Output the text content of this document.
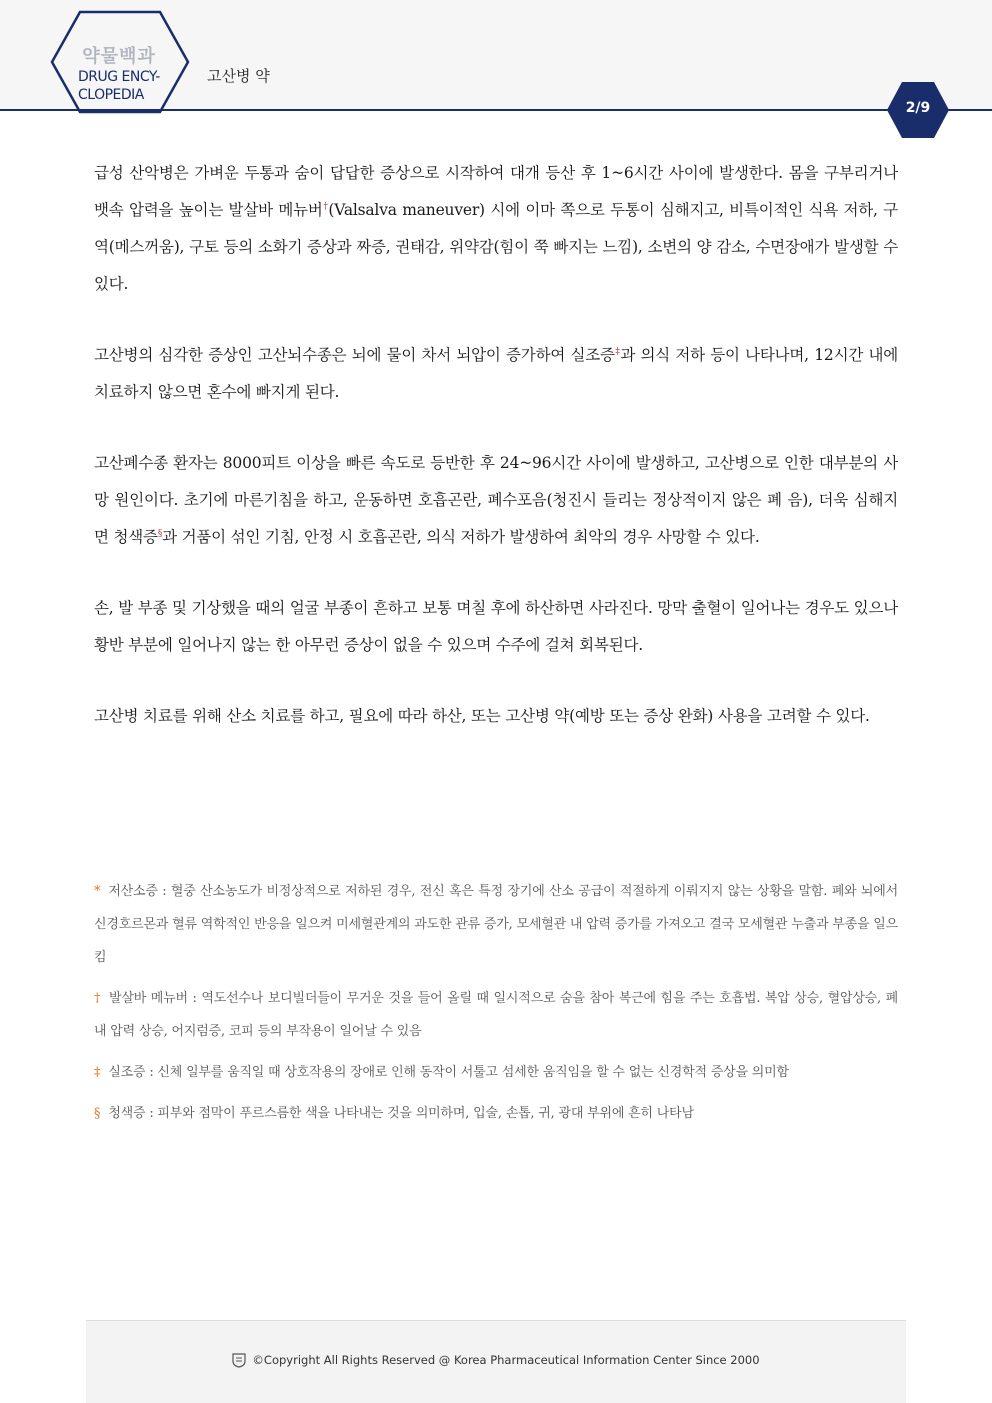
약물백과
DRUG ENCY-
CLOPEDIA
고산병 약
2/9

급성 산악병은 가벼운 두통과 숨이 답답한 증상으로 시작하여 대개 등산 후 1~6시간 사이에 발생한다. 몸을 구부리거나 뱃속 압력을 높이는 발살바 메뉴버†(Valsalva maneuver) 시에 이마 쪽으로 두통이 심해지고, 비특이적인 식욕 저하, 구역(메스꺼움), 구토 등의 소화기 증상과 짜증, 권태감, 위약감(힘이 쭉 빠지는 느낌), 소변의 양 감소, 수면장애가 발생할 수 있다.

고산병의 심각한 증상인 고산뇌수종은 뇌에 물이 차서 뇌압이 증가하여 실조증‡과 의식 저하 등이 나타나며, 12시간 내에 치료하지 않으면 혼수에 빠지게 된다.

고산폐수종 환자는 8000피트 이상을 빠른 속도로 등반한 후 24~96시간 사이에 발생하고, 고산병으로 인한 대부분의 사망 원인이다. 초기에 마른기침을 하고, 운동하면 호흡곤란, 폐수포음(청진시 들리는 정상적이지 않은 폐 음), 더욱 심해지면 청색증§과 거품이 섞인 기침, 안정 시 호흡곤란, 의식 저하가 발생하여 최악의 경우 사망할 수 있다.

손, 발 부종 및 기상했을 때의 얼굴 부종이 흔하고 보통 며칠 후에 하산하면 사라진다. 망막 출혈이 일어나는 경우도 있으나 황반 부분에 일어나지 않는 한 아무런 증상이 없을 수 있으며 수주에 걸쳐 회복된다.

고산병 치료를 위해 산소 치료를 하고, 필요에 따라 하산, 또는 고산병 약(예방 또는 증상 완화) 사용을 고려할 수 있다.

* 저산소증 : 혈중 산소농도가 비정상적으로 저하된 경우, 전신 혹은 특정 장기에 산소 공급이 적절하게 이뤄지지 않는 상황을 말함. 폐와 뇌에서 신경호르몬과 혈류 역학적인 반응을 일으켜 미세혈관계의 과도한 관류 증가, 모세혈관 내 압력 증가를 가져오고 결국 모세혈관 누출과 부종을 일으킴

† 발살바 메뉴버 : 역도선수나 보디빌더들이 무거운 것을 들어 올릴 때 일시적으로 숨을 참아 복근에 힘을 주는 호흡법. 복압 상승, 혈압상승, 폐 내 압력 상승, 어지럼증, 코피 등의 부작용이 일어날 수 있음

‡ 실조증 : 신체 일부를 움직일 때 상호작용의 장애로 인해 동작이 서툴고 섬세한 움직임을 할 수 없는 신경학적 증상을 의미함

§ 청색증 : 피부와 점막이 푸르스름한 색을 나타내는 것을 의미하며, 입술, 손톱, 귀, 광대 부위에 흔히 나타남

©Copyright All Rights Reserved @ Korea Pharmaceutical Information Center Since 2000
